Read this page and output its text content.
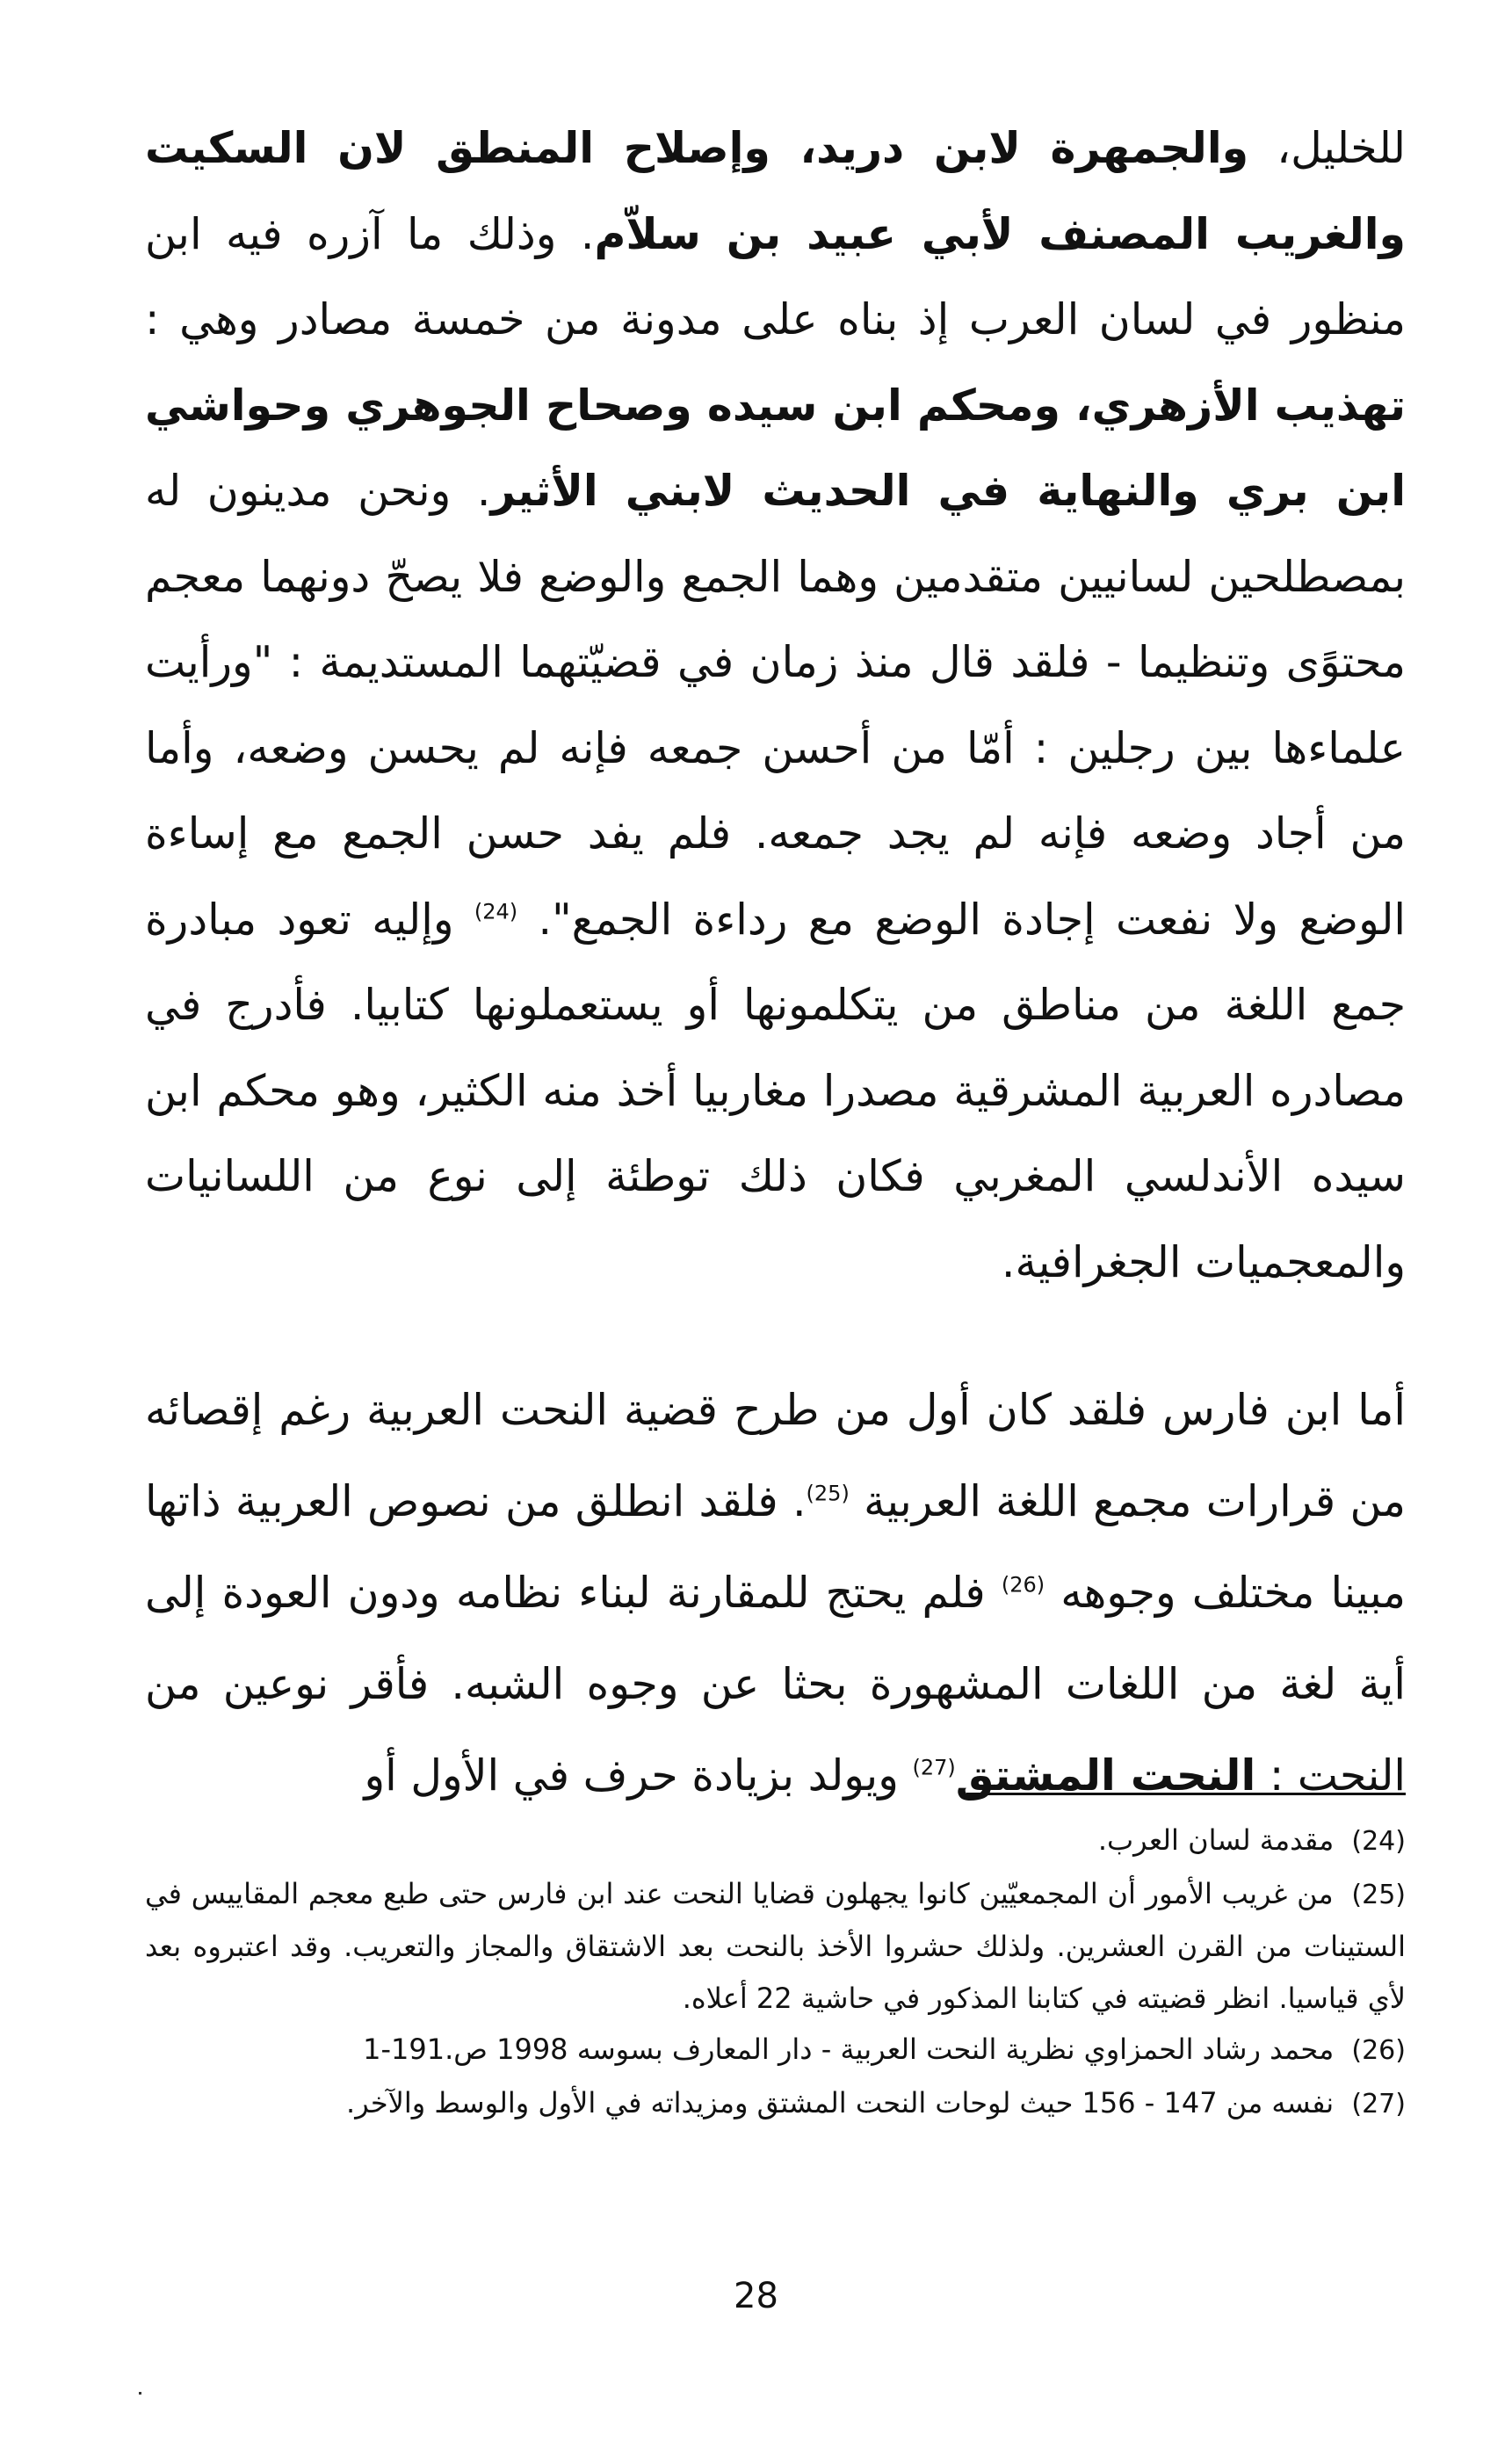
للخليل، والجمهرة لابن دريد، وإصلاح المنطق لان السكيت والغريب المصنف لأبي عبيد بن سلاّم. وذلك ما آزره فيه ابن منظور في لسان العرب إذ بناه على مدونة من خمسة مصادر وهي : تهذيب الأزهري، ومحكم ابن سيده وصحاح الجوهري وحواشي ابن بري والنهاية في الحديث لابني الأثير. ونحن مدينون له بمصطلحين لسانيين متقدمين وهما الجمع والوضع فلا يصحّ دونهما معجم محتوًى وتنظيما - فلقد قال منذ زمان في قضيّتهما المستديمة : "ورأيت علماءها بين رجلين : أمّا من أحسن جمعه فإنه لم يحسن وضعه، وأما من أجاد وضعه فإنه لم يجد جمعه. فلم يفد حسن الجمع مع إساءة الوضع ولا نفعت إجادة الوضع مع رداءة الجمع". $^{(24)}$ وإليه تعود مبادرة جمع اللغة من مناطق من يتكلمونها أو يستعملونها كتابيا. فأدرج في مصادره العربية المشرقية مصدرا مغاربيا أخذ منه الكثير، وهو محكم ابن سيده الأندلسي المغربي فكان ذلك توطئة إلى نوع من اللسانيات والمعجميات الجغرافية.

أما ابن فارس فلقد كان أول من طرح قضية النحت العربية رغم إقصائه من قرارات مجمع اللغة العربية $^{(25)}$. فلقد انطلق من نصوص العربية ذاتها مبينا مختلف وجوهه $^{(26)}$ فلم يحتج للمقارنة لبناء نظامه ودون العودة إلى أية لغة من اللغات المشهورة بحثا عن وجوه الشبه. فأقر نوعين من النحت : النحت المشتق$^{(27)}$ ويولد بزيادة حرف في الأول أو

(24) مقدمة لسان العرب.

(25) من غريب الأمور أن المجمعيّين كانوا يجهلون قضايا النحت عند ابن فارس حتى طبع معجم المقاييس في الستينات من القرن العشرين. ولذلك حشروا الأخذ بالنحت بعد الاشتقاق والمجاز والتعريب. وقد اعتبروه بعد لأي قياسيا. انظر قضيته في كتابنا المذكور في حاشية 22 أعلاه.

(26) محمد رشاد الحمزاوي نظرية النحت العربية - دار المعارف بسوسه 1998 ص.191-1

(27) نفسه من 147 - 156 حيث لوحات النحت المشتق ومزيداته في الأول والوسط والآخر.

28
